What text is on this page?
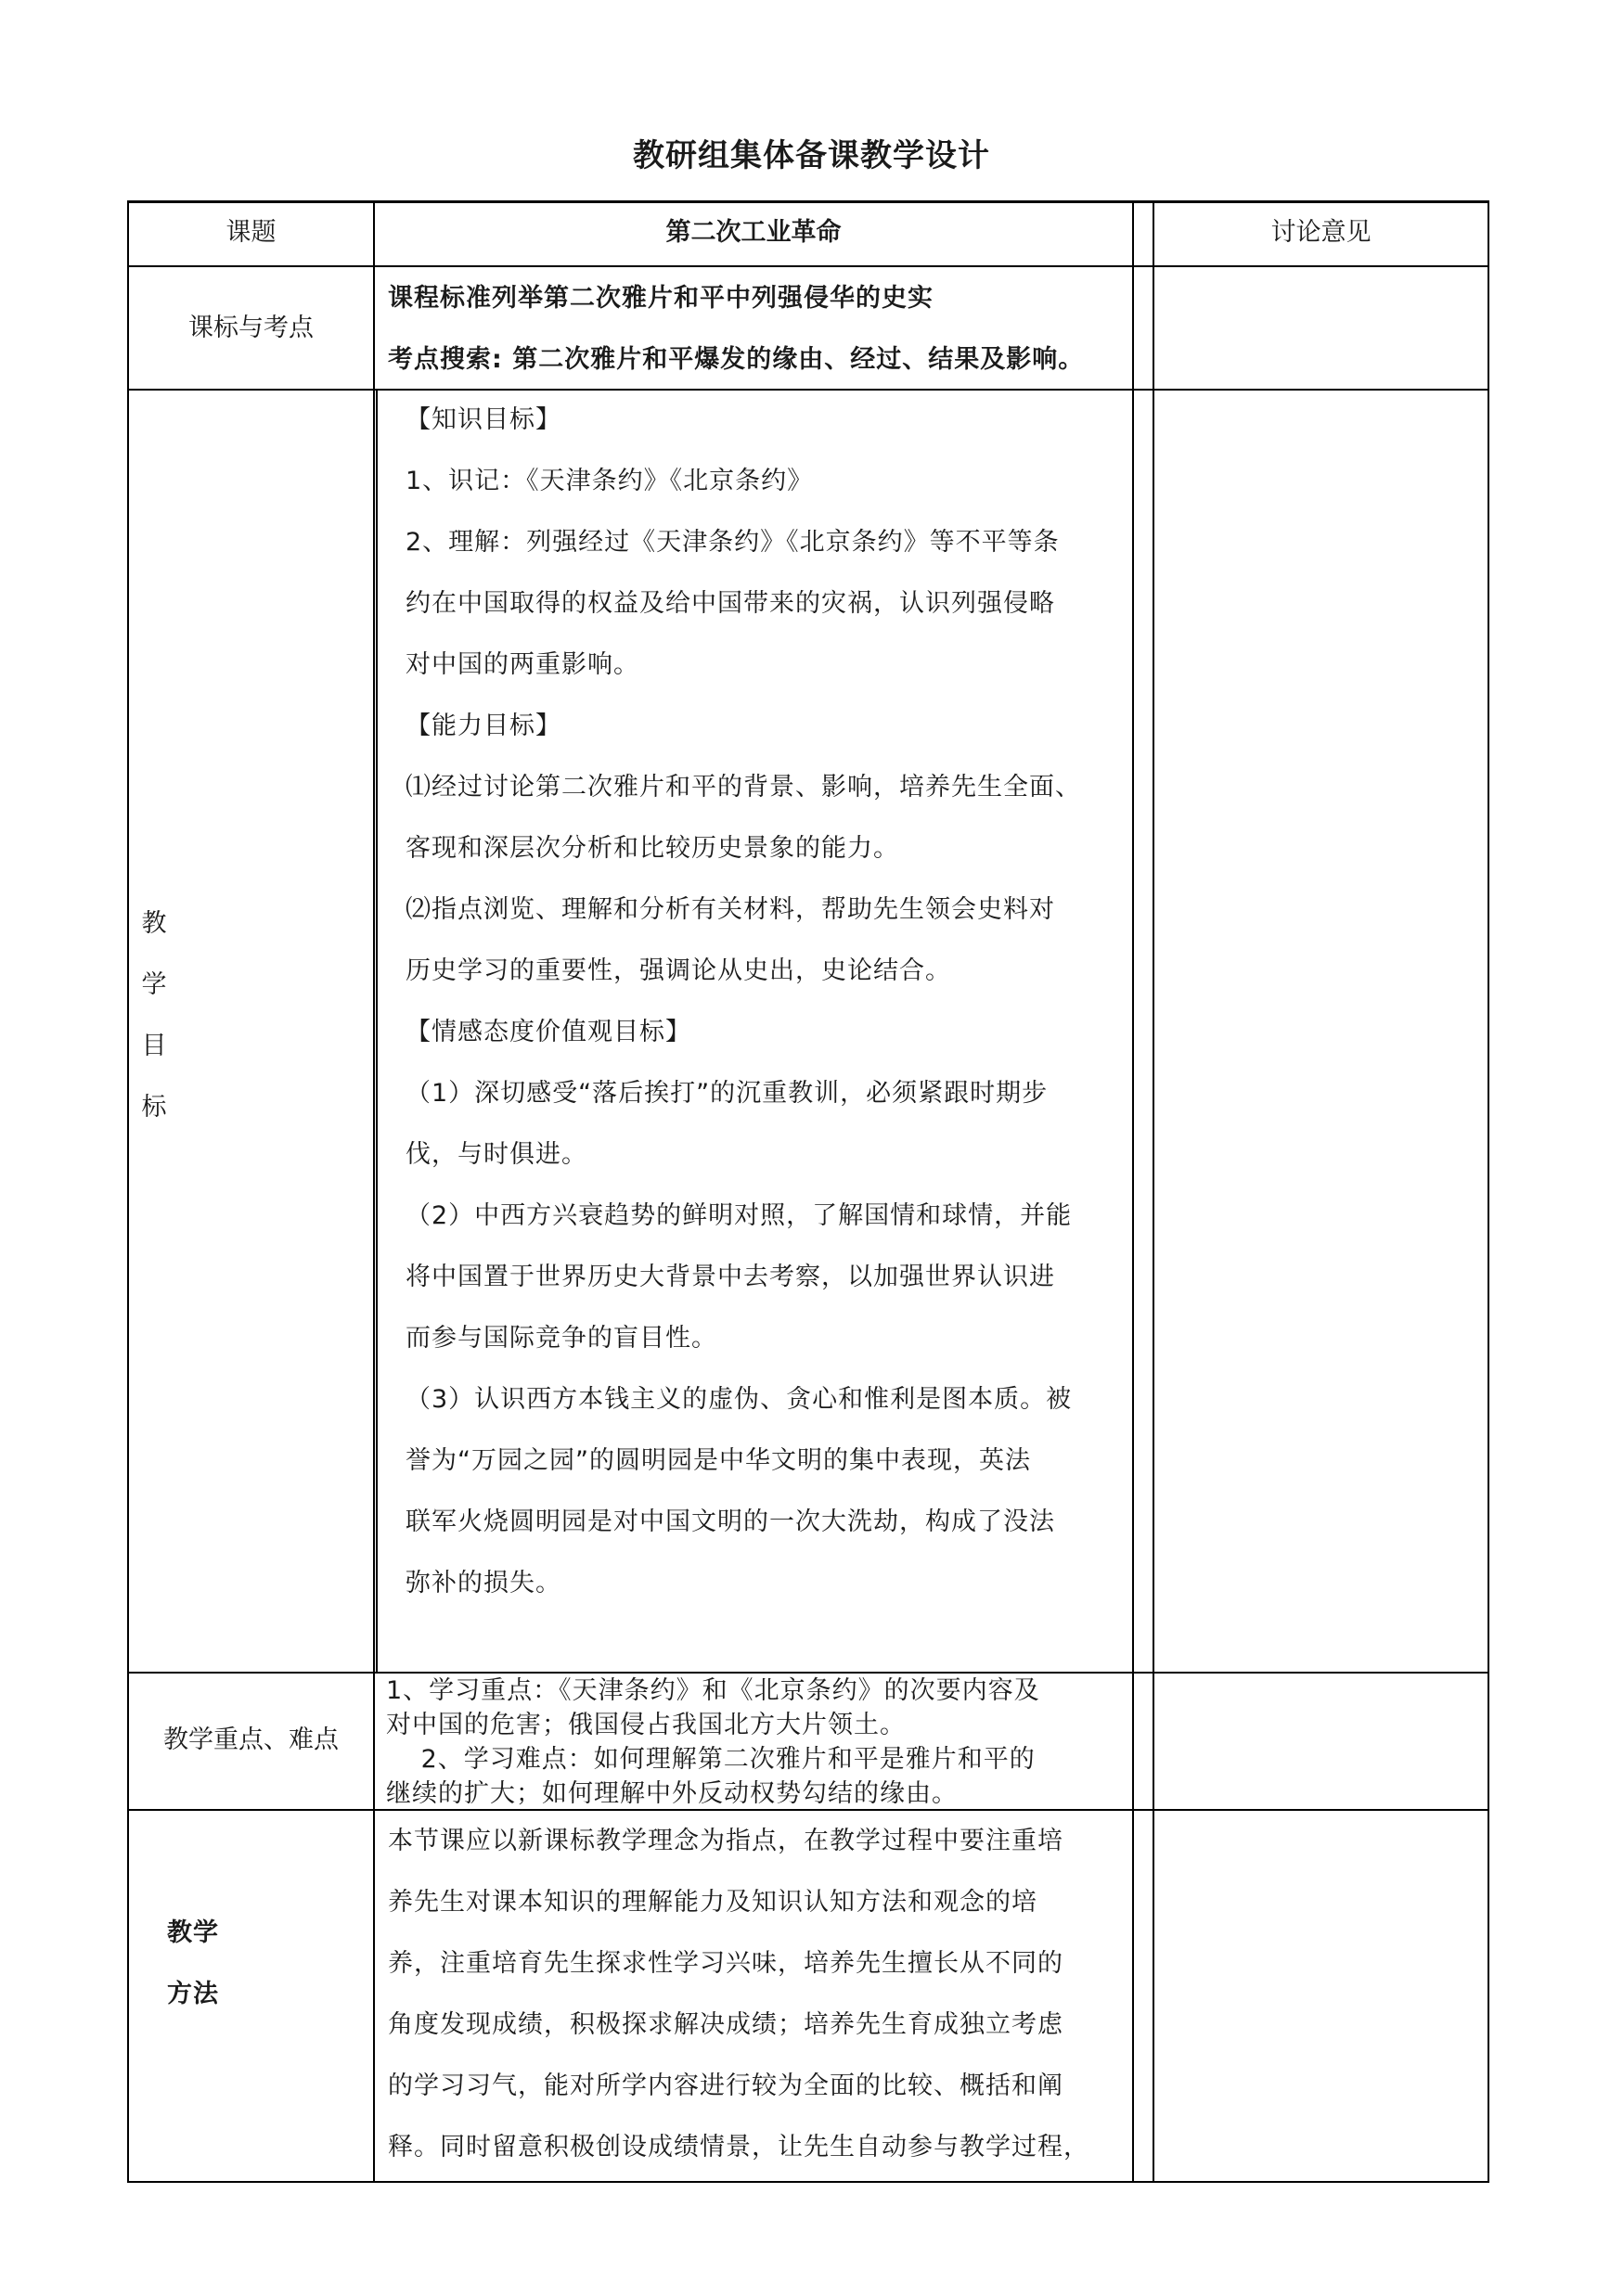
教研组集体备课教学设计
课题	第二次工业革命	讨论意见
课标与考点
课程标准列举第二次雅片和平中列强侵华的史实
考点搜索: 第二次雅片和平爆发的缘由、经过、结果及影响。
教
学
目
标
【知识目标】
1、识记：《天津条约》《北京条约》
2、理解：列强经过《天津条约》《北京条约》等不平等条
约在中国取得的权益及给中国带来的灾祸，认识列强侵略
对中国的两重影响。
【能力目标】
⑴经过讨论第二次雅片和平的背景、影响，培养先生全面、
客现和深层次分析和比较历史景象的能力。
⑵指点浏览、理解和分析有关材料，帮助先生领会史料对
历史学习的重要性，强调论从史出，史论结合。
【情感态度价值观目标】
（1）深切感受“落后挨打”的沉重教训，必须紧跟时期步
伐，与时俱进。
（2）中西方兴衰趋势的鲜明对照，了解国情和球情，并能
将中国置于世界历史大背景中去考察，以加强世界认识进
而参与国际竞争的盲目性。
（3）认识西方本钱主义的虚伪、贪心和惟利是图本质。被
誉为“万园之园”的圆明园是中华文明的集中表现，英法
联军火烧圆明园是对中国文明的一次大洗劫，构成了没法
弥补的损失。
教学重点、难点
1、学习重点：《天津条约》和《北京条约》的次要内容及
对中国的危害；俄国侵占我国北方大片领土。
　 2、学习难点：如何理解第二次雅片和平是雅片和平的
继续的扩大；如何理解中外反动权势勾结的缘由。
教学
方法
本节课应以新课标教学理念为指点，在教学过程中要注重培
养先生对课本知识的理解能力及知识认知方法和观念的培
养，注重培育先生探求性学习兴味，培养先生擅长从不同的
角度发现成绩，积极探求解决成绩；培养先生育成独立考虑
的学习习气，能对所学内容进行较为全面的比较、概括和阐
释。同时留意积极创设成绩情景，让先生自动参与教学过程，
